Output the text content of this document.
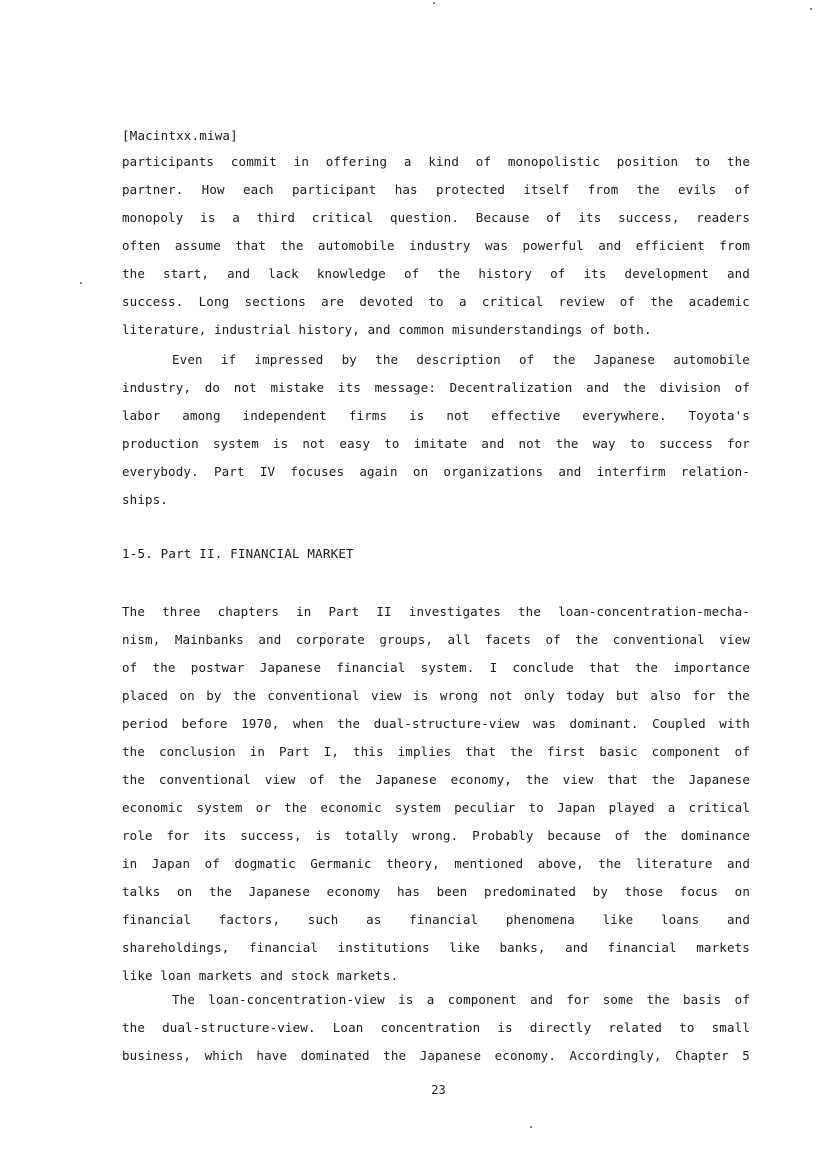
[Macintxx.miwa]
participants commit in offering a kind of monopolistic position to the
partner. How each participant has protected itself from the evils of
monopoly is a third critical question. Because of its success, readers
often assume that the automobile industry was powerful and efficient from
the start, and lack knowledge of the history of its development and
success. Long sections are devoted to a critical review of the academic
literature, industrial history, and common misunderstandings of both.
Even if impressed by the description of the Japanese automobile
industry, do not mistake its message: Decentralization and the division of
labor among independent firms is not effective everywhere. Toyota's
production system is not easy to imitate and not the way to success for
everybody. Part IV focuses again on organizations and interfirm relation-
ships.
1-5. Part II. FINANCIAL MARKET
The three chapters in Part II investigates the loan-concentration-mecha-
nism, Mainbanks and corporate groups, all facets of the conventional view
of the postwar Japanese financial system. I conclude that the importance
placed on by the conventional view is wrong not only today but also for the
period before 1970, when the dual-structure-view was dominant. Coupled with
the conclusion in Part I, this implies that the first basic component of
the conventional view of the Japanese economy, the view that the Japanese
economic system or the economic system peculiar to Japan played a critical
role for its success, is totally wrong. Probably because of the dominance
in Japan of dogmatic Germanic theory, mentioned above, the literature and
talks on the Japanese economy has been predominated by those focus on
financial factors, such as financial phenomena like loans and
shareholdings, financial institutions like banks, and financial markets
like loan markets and stock markets.
The loan-concentration-view is a component and for some the basis of
the dual-structure-view. Loan concentration is directly related to small
business, which have dominated the Japanese economy. Accordingly, Chapter 5
23
